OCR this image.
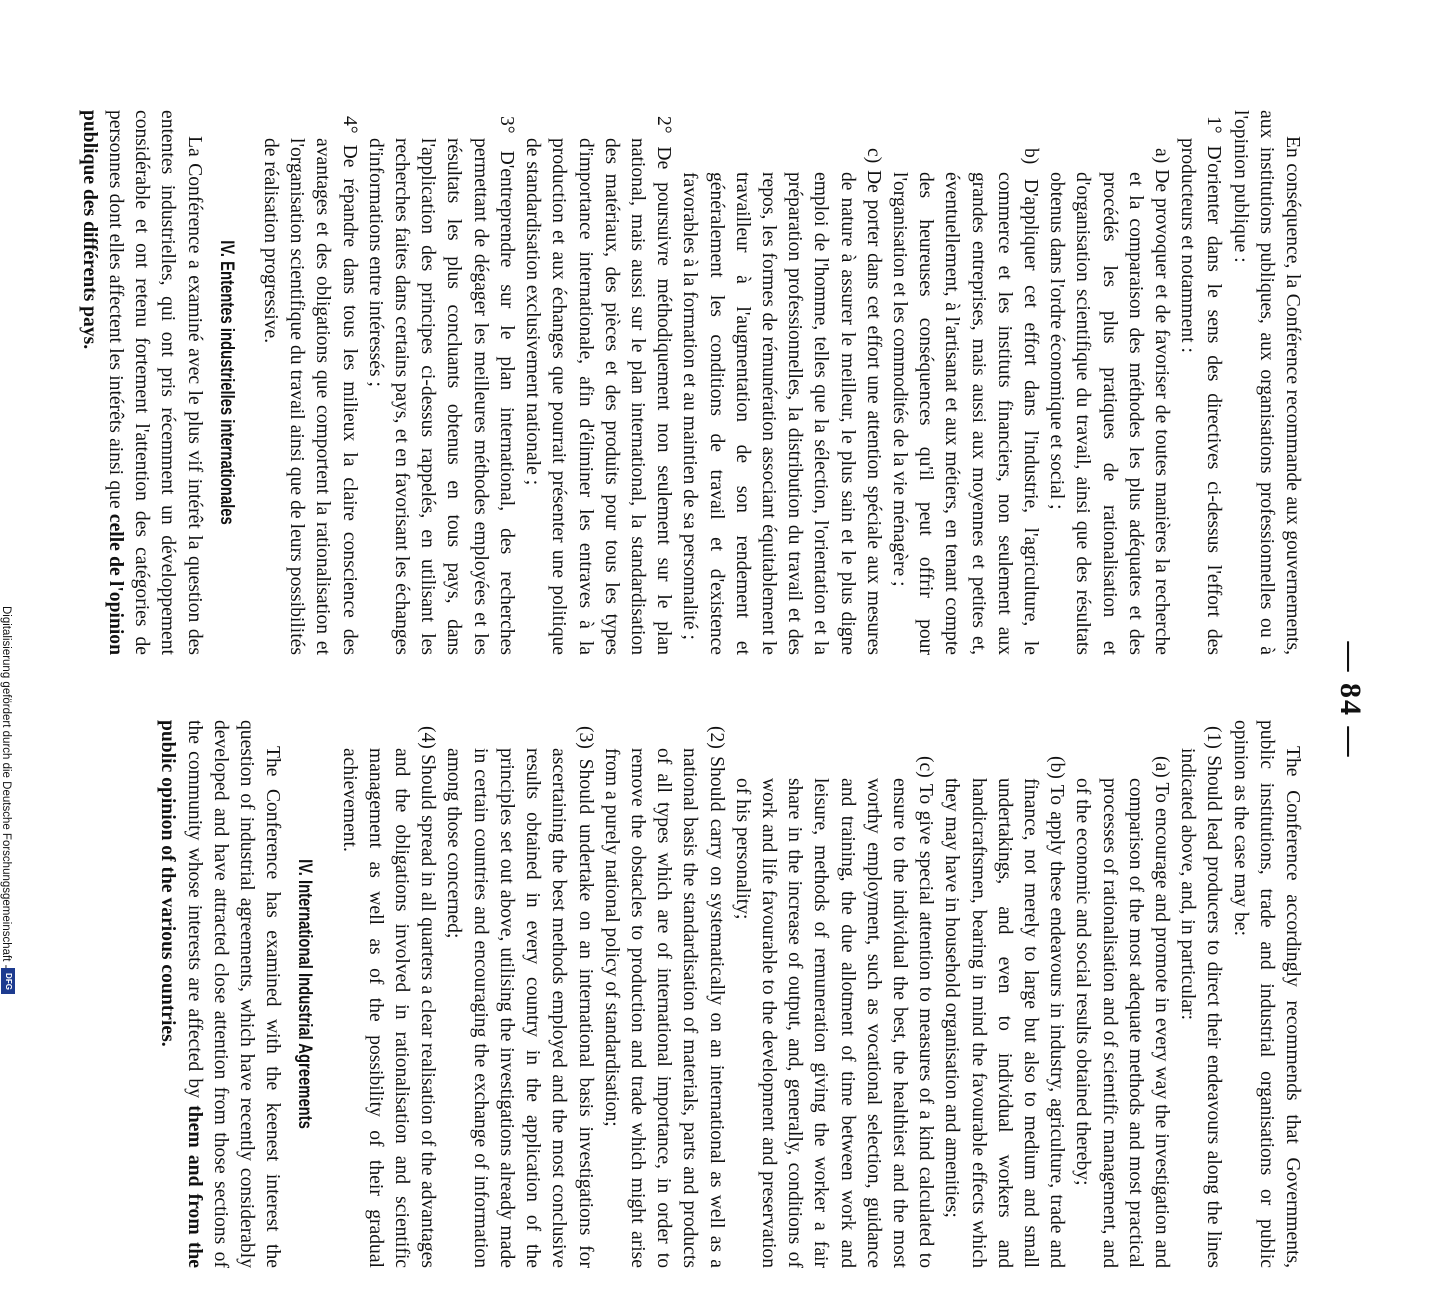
— 84 —

En conséquence, la Conférence recommande aux gouvernements, aux institutions publiques, aux organisations professionnelles ou à l'opinion publique :

1° D'orienter dans le sens des directives ci-dessus l'effort des producteurs et notamment :

a) De provoquer et de favoriser de toutes manières la recherche et la comparaison des méthodes les plus adéquates et des procédés les plus pratiques de rationalisation et d'organisation scientifique du travail, ainsi que des résultats obtenus dans l'ordre économique et social ;

b) D'appliquer cet effort dans l'industrie, l'agriculture, le commerce et les instituts financiers, non seulement aux grandes entreprises, mais aussi aux moyennes et petites et, éventuellement, à l'artisanat et aux métiers, en tenant compte des heureuses conséquences qu'il peut offrir pour l'organisation et les commodités de la vie ménagère ;

c) De porter dans cet effort une attention spéciale aux mesures de nature à assurer le meilleur, le plus sain et le plus digne emploi de l'homme, telles que la sélection, l'orientation et la préparation professionnelles, la distribution du travail et des repos, les formes de rémunération associant équitablement le travailleur à l'augmentation de son rendement et généralement les conditions de travail et d'existence favorables à la formation et au maintien de sa personnalité ;

2° De poursuivre méthodiquement non seulement sur le plan national, mais aussi sur le plan international, la standardisation des matériaux, des pièces et des produits pour tous les types d'importance internationale, afin d'éliminer les entraves à la production et aux échanges que pourrait présenter une politique de standardisation exclusivement nationale ;

3° D'entreprendre sur le plan international, des recherches permettant de dégager les meilleures méthodes employées et les résultats les plus concluants obtenus en tous pays, dans l'application des principes ci-dessus rappelés, en utilisant les recherches faites dans certains pays, et en favorisant les échanges d'informations entre intéressés ;

4° De répandre dans tous les milieux la claire conscience des avantages et des obligations que comportent la rationalisation et l'organisation scientifique du travail ainsi que de leurs possibilités de réalisation progressive.

IV. Ententes industrielles internationales

La Conférence a examiné avec le plus vif intérêt la question des ententes industrielles, qui ont pris récemment un développement considérable et ont retenu fortement l'attention des catégories de personnes dont elles affectent les intérêts ainsi que celle de l'opinion publique des différents pays.

The Conference accordingly recommends that Governments, public institutions, trade and industrial organisations or public opinion as the case may be:

(1) Should lead producers to direct their endeavours along the lines indicated above, and, in particular:

(a) To encourage and promote in every way the investigation and comparison of the most adequate methods and most practical processes of rationalisation and of scientific management, and of the economic and social results obtained thereby;

(b) To apply these endeavours in industry, agriculture, trade and finance, not merely to large but also to medium and small undertakings, and even to individual workers and handicraftsmen, bearing in mind the favourable effects which they may have in household organisation and amenities;

(c) To give special attention to measures of a kind calculated to ensure to the individual the best, the healthiest and the most worthy employment, such as vocational selection, guidance and training, the due allotment of time between work and leisure, methods of remuneration giving the worker a fair share in the increase of output, and, generally, conditions of work and life favourable to the development and preservation of his personality;

(2) Should carry on systematically on an international as well as a national basis the standardisation of materials, parts and products of all types which are of international importance, in order to remove the obstacles to production and trade which might arise from a purely national policy of standardisation;

(3) Should undertake on an international basis investigations for ascertaining the best methods employed and the most conclusive results obtained in every country in the application of the principles set out above, utilising the investigations already made in certain countries and encouraging the exchange of information among those concerned;

(4) Should spread in all quarters a clear realisation of the advantages and the obligations involved in rationalisation and scientific management as well as of the possibility of their gradual achievement.

IV. International Industrial Agreements

The Conference has examined with the keenest interest the question of industrial agreements, which have recently considerably developed and have attracted close attention from those sections of the community whose interests are affected by them and from the public opinion of the various countries.

Digitalisierung gefördert durch die Deutsche Forschungsgemeinschaft -
DFG
